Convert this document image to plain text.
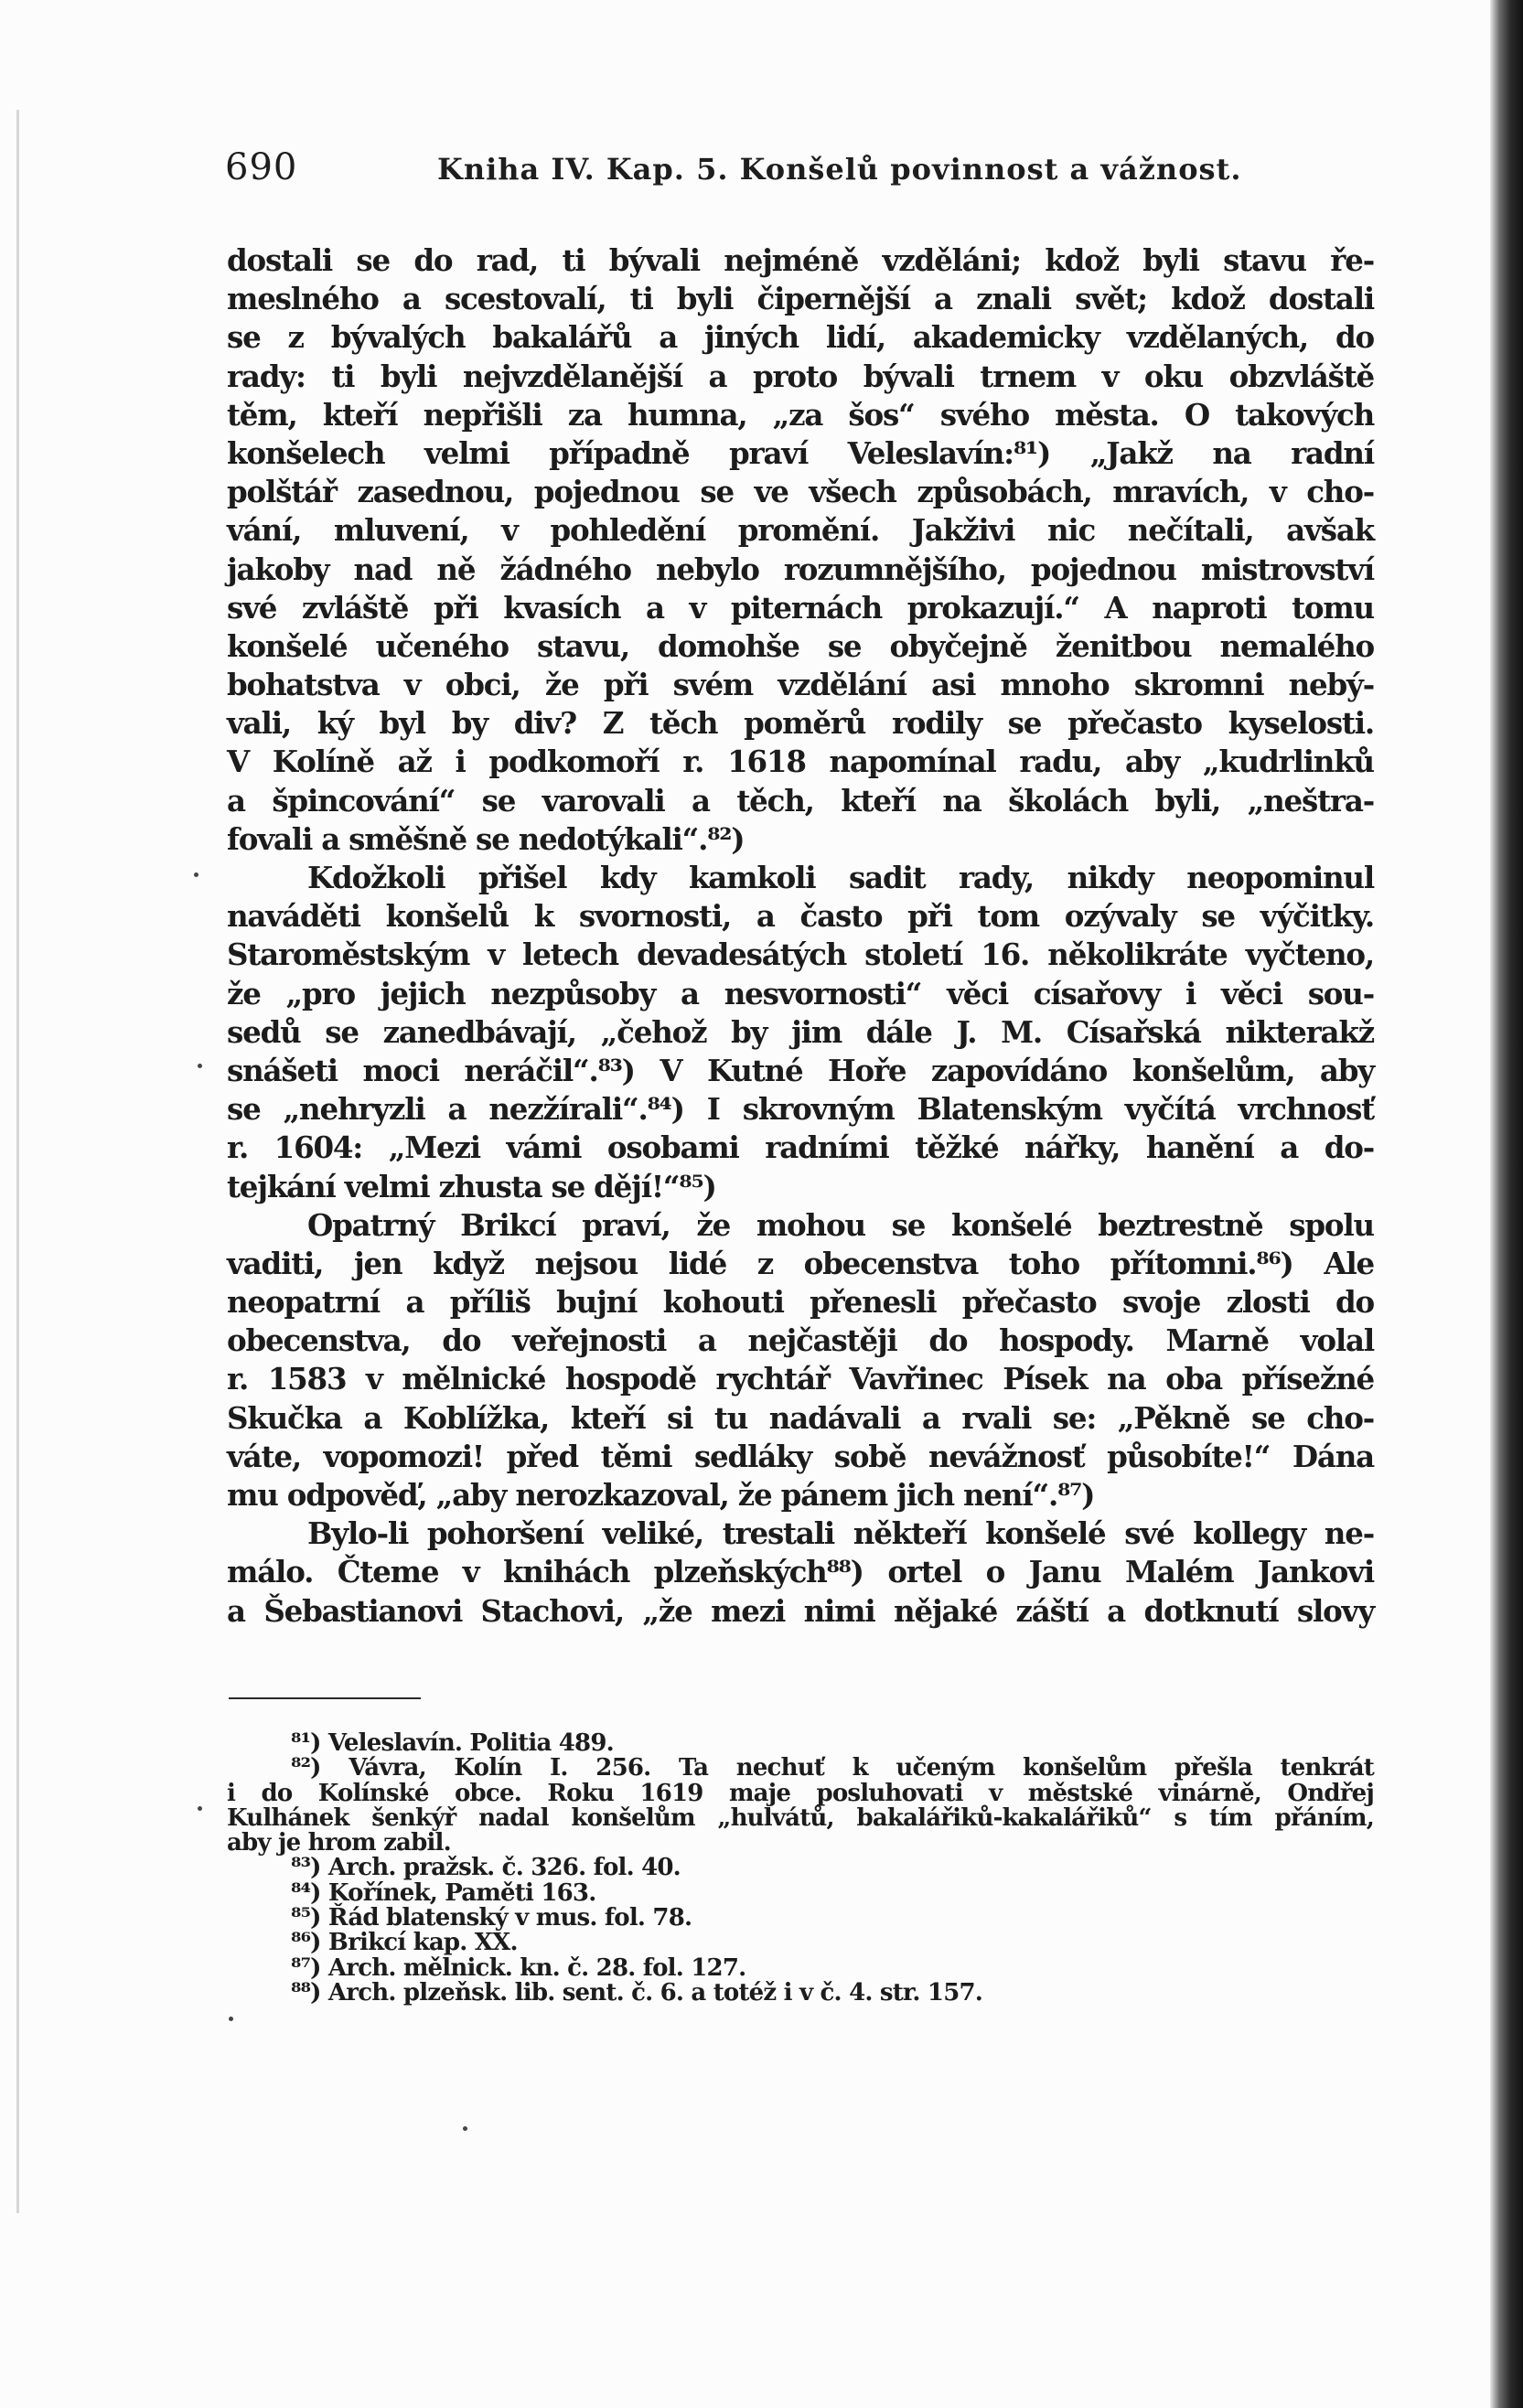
690	Kniha IV. Kap. 5. Konšelů povinnost a vážnost.
dostali se do rad, ti bývali nejméně vzděláni; kdož byli stavu ře-
meslného a scestovalí, ti byli čipernější a znali svět; kdož dostali
se z bývalých bakalářů a jiných lidí, akademicky vzdělaných, do
rady: ti byli nejvzdělanější a proto bývali trnem v oku obzvláště
těm, kteří nepřišli za humna, „za šos“ svého města. O takových
konšelech velmi případně praví Veleslavín:⁸¹) „Jakž na radní
polštář zasednou, pojednou se ve všech způsobách, mravích, v cho-
vání, mluvení, v pohledění promění. Jakživi nic nečítali, avšak
jakoby nad ně žádného nebylo rozumnějšího, pojednou mistrovství
své zvláště při kvasích a v piternách prokazují.“ A naproti tomu
konšelé učeného stavu, domohše se obyčejně ženitbou nemalého
bohatstva v obci, že při svém vzdělání asi mnoho skromni nebý-
vali, ký byl by div? Z těch poměrů rodily se přečasto kyselosti.
V Kolíně až i podkomoří r. 1618 napomínal radu, aby „kudrlinků
a špincování“ se varovali a těch, kteří na školách byli, „neštra-
fovali a směšně se nedotýkali“.⁸²)
Kdožkoli přišel kdy kamkoli sadit rady, nikdy neopominul
naváděti konšelů k svornosti, a často při tom ozývaly se výčitky.
Staroměstským v letech devadesátých století 16. několikráte vyčteno,
že „pro jejich nezpůsoby a nesvornosti“ věci císařovy i věci sou-
sedů se zanedbávají, „čehož by jim dále J. M. Císařská nikterakž
snášeti moci neráčil“.⁸³) V Kutné Hoře zapovídáno konšelům, aby
se „nehryzli a nezžírali“.⁸⁴) I skrovným Blatenským vyčítá vrchnosť
r. 1604: „Mezi vámi osobami radními těžké nářky, hanění a do-
tejkání velmi zhusta se dějí!“⁸⁵)
Opatrný Brikcí praví, že mohou se konšelé beztrestně spolu
vaditi, jen když nejsou lidé z obecenstva toho přítomni.⁸⁶) Ale
neopatrní a příliš bujní kohouti přenesli přečasto svoje zlosti do
obecenstva, do veřejnosti a nejčastěji do hospody. Marně volal
r. 1583 v mělnické hospodě rychtář Vavřinec Písek na oba přísežné
Skučka a Koblížka, kteří si tu nadávali a rvali se: „Pěkně se cho-
váte, vopomozi! před těmi sedláky sobě nevážnosť působíte!“ Dána
mu odpověď, „aby nerozkazoval, že pánem jich není“.⁸⁷)
Bylo-li pohoršení veliké, trestali někteří konšelé své kollegy ne-
málo. Čteme v knihách plzeňských⁸⁸) ortel o Janu Malém Jankovi
a Šebastianovi Stachovi, „že mezi nimi nějaké záští a dotknutí slovy
⁸¹) Veleslavín. Politia 489.
⁸²) Vávra, Kolín I. 256. Ta nechuť k učeným konšelům přešla tenkrát
i do Kolínské obce. Roku 1619 maje posluhovati v městské vinárně, Ondřej
Kulhánek šenkýř nadal konšelům „hulvátů, bakalářiků-kakalářiků“ s tím přáním,
aby je hrom zabil.
⁸³) Arch. pražsk. č. 326. fol. 40.
⁸⁴) Kořínek, Paměti 163.
⁸⁵) Řád blatenský v mus. fol. 78.
⁸⁶) Brikcí kap. XX.
⁸⁷) Arch. mělnick. kn. č. 28. fol. 127.
⁸⁸) Arch. plzeňsk. lib. sent. č. 6. a totéž i v č. 4. str. 157.
